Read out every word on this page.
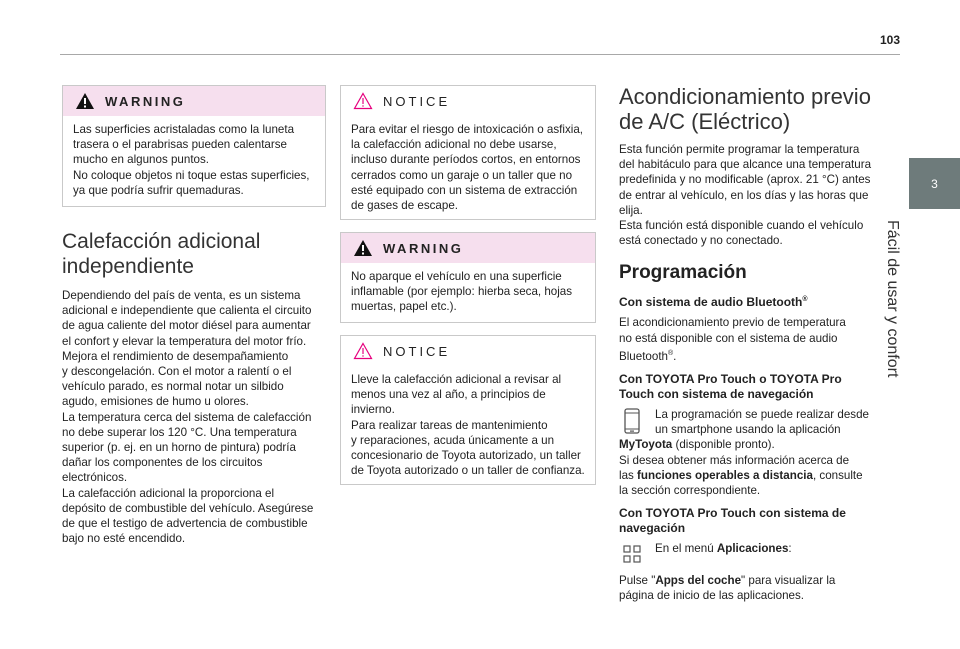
103
3
Fácil de usar y confort
WARNING

Las superficies acristaladas como la luneta

trasera o el parabrisas pueden calentarse

mucho en algunos puntos.

No coloque objetos ni toque estas superficies,

ya que podría sufrir quemaduras.

Calefacción adicional
independiente

Dependiendo del país de venta, es un sistema

adicional e independiente que calienta el circuito

de agua caliente del motor diésel para aumentar

el confort y elevar la temperatura del motor frío.

Mejora el rendimiento de desempañamiento

y descongelación. Con el motor a ralentí o el

vehículo parado, es normal notar un silbido

agudo, emisiones de humo u olores.

La temperatura cerca del sistema de calefacción

no debe superar los 120 °C. Una temperatura

superior (p. ej. en un horno de pintura) podría

dañar los componentes de los circuitos

electrónicos.

La calefacción adicional la proporciona el

depósito de combustible del vehículo. Asegúrese

de que el testigo de advertencia de combustible

bajo no esté encendido.

NOTICE

Para evitar el riesgo de intoxicación o asfixia,

la calefacción adicional no debe usarse,

incluso durante períodos cortos, en entornos

cerrados como un garaje o un taller que no

esté equipado con un sistema de extracción

de gases de escape.

WARNING

No aparque el vehículo en una superficie

inflamable (por ejemplo: hierba seca, hojas

muertas, papel etc.).

NOTICE

Lleve la calefacción adicional a revisar al

menos una vez al año, a principios de

invierno.

Para realizar tareas de mantenimiento

y reparaciones, acuda únicamente a un

concesionario de Toyota autorizado, un taller

de Toyota autorizado o un taller de confianza.

Acondicionamiento previo
de A/C (Eléctrico)

Esta función permite programar la temperatura

del habitáculo para que alcance una temperatura

predefinida y no modificable (aprox. 21 °C) antes

de entrar al vehículo, en los días y las horas que

elija.

Esta función está disponible cuando el vehículo

está conectado y no conectado.

Programación
Con sistema de audio Bluetooth®

El acondicionamiento previo de temperatura

no está disponible con el sistema de audio

Bluetooth®.

Con TOYOTA Pro Touch o TOYOTA Pro
Touch con sistema de navegación

La programación se puede realizar desde

un smartphone usando la aplicación

MyToyota (disponible pronto).

Si desea obtener más información acerca de

las funciones operables a distancia, consulte

la sección correspondiente.

Con TOYOTA Pro Touch con sistema de
navegación

En el menú Aplicaciones:

Pulse "Apps del coche" para visualizar la

página de inicio de las aplicaciones.
